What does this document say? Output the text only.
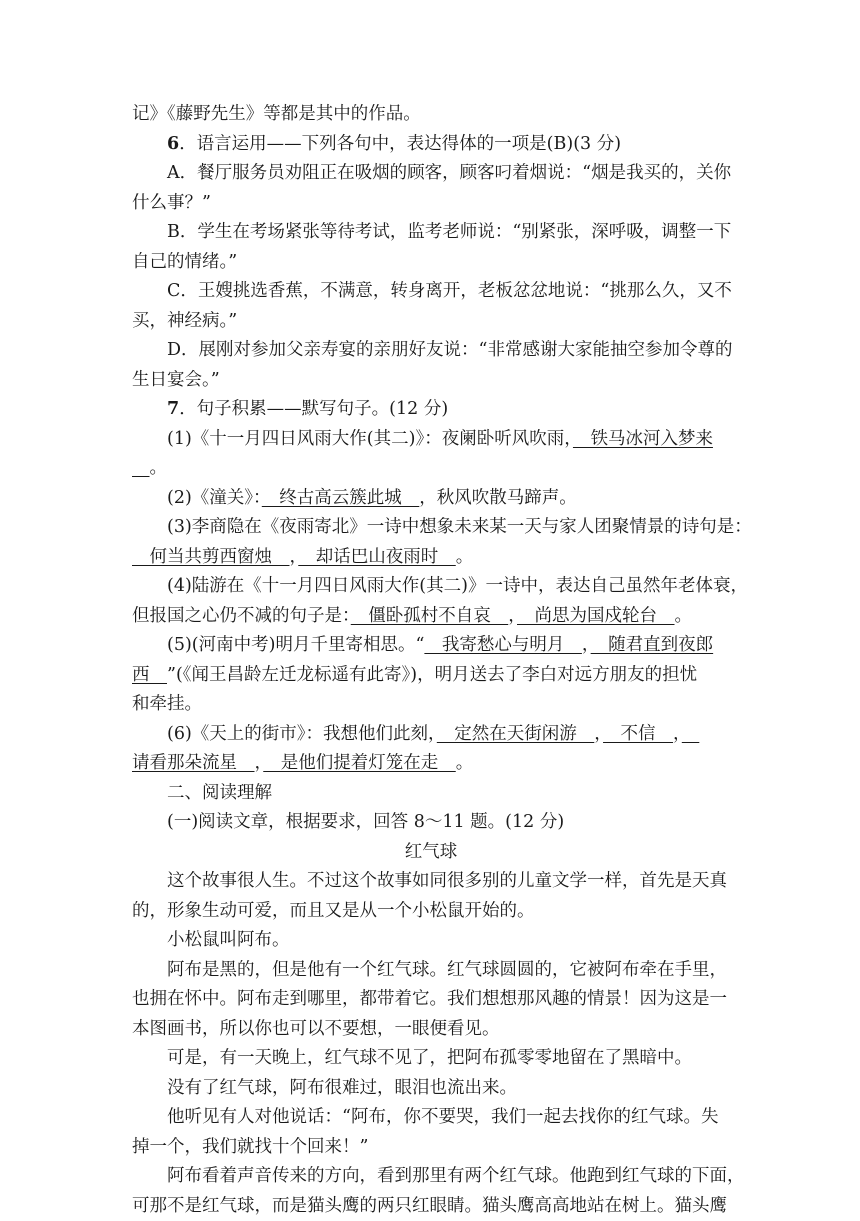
记》《藤野先生》等都是其中的作品。
6．语言运用——下列各句中，表达得体的一项是(B)(3 分)
A．餐厅服务员劝阻正在吸烟的顾客，顾客叼着烟说：“烟是我买的，关你
什么事？”
B．学生在考场紧张等待考试，监考老师说：“别紧张，深呼吸，调整一下
自己的情绪。”
C．王嫂挑选香蕉，不满意，转身离开，老板忿忿地说：“挑那么久，又不
买，神经病。”
D．展刚对参加父亲寿宴的亲朋好友说：“非常感谢大家能抽空参加令尊的
生日宴会。”
7．句子积累——默写句子。(12 分)
(1)《十一月四日风雨大作(其二)》：夜阑卧听风吹雨，　铁马冰河入梦来
　。
(2)《潼关》：　终古高云簇此城　，秋风吹散马蹄声。
(3)李商隐在《夜雨寄北》一诗中想象未来某一天与家人团聚情景的诗句是：
　何当共剪西窗烛　，　却话巴山夜雨时　。
(4)陆游在《十一月四日风雨大作(其二)》一诗中，表达自己虽然年老体衰，
但报国之心仍不减的句子是：　僵卧孤村不自哀　，　尚思为国戍轮台　。
(5)(河南中考)明月千里寄相思。“　我寄愁心与明月　，　随君直到夜郎
西　”(《闻王昌龄左迁龙标遥有此寄》)，明月送去了李白对远方朋友的担忧
和牵挂。
(6)《天上的街市》：我想他们此刻，　定然在天街闲游　，　不信　，　
请看那朵流星　，　是他们提着灯笼在走　。
二、阅读理解
(一)阅读文章，根据要求，回答 8～11 题。(12 分)
红气球
这个故事很人生。不过这个故事如同很多别的儿童文学一样，首先是天真
的，形象生动可爱，而且又是从一个小松鼠开始的。
小松鼠叫阿布。
阿布是黑的，但是他有一个红气球。红气球圆圆的，它被阿布牵在手里，
也拥在怀中。阿布走到哪里，都带着它。我们想想那风趣的情景！因为这是一
本图画书，所以你也可以不要想，一眼便看见。
可是，有一天晚上，红气球不见了，把阿布孤零零地留在了黑暗中。
没有了红气球，阿布很难过，眼泪也流出来。
他听见有人对他说话：“阿布，你不要哭，我们一起去找你的红气球。失
掉一个，我们就找十个回来！”
阿布看着声音传来的方向，看到那里有两个红气球。他跑到红气球的下面，
可那不是红气球，而是猫头鹰的两只红眼睛。猫头鹰高高地站在树上。猫头鹰
